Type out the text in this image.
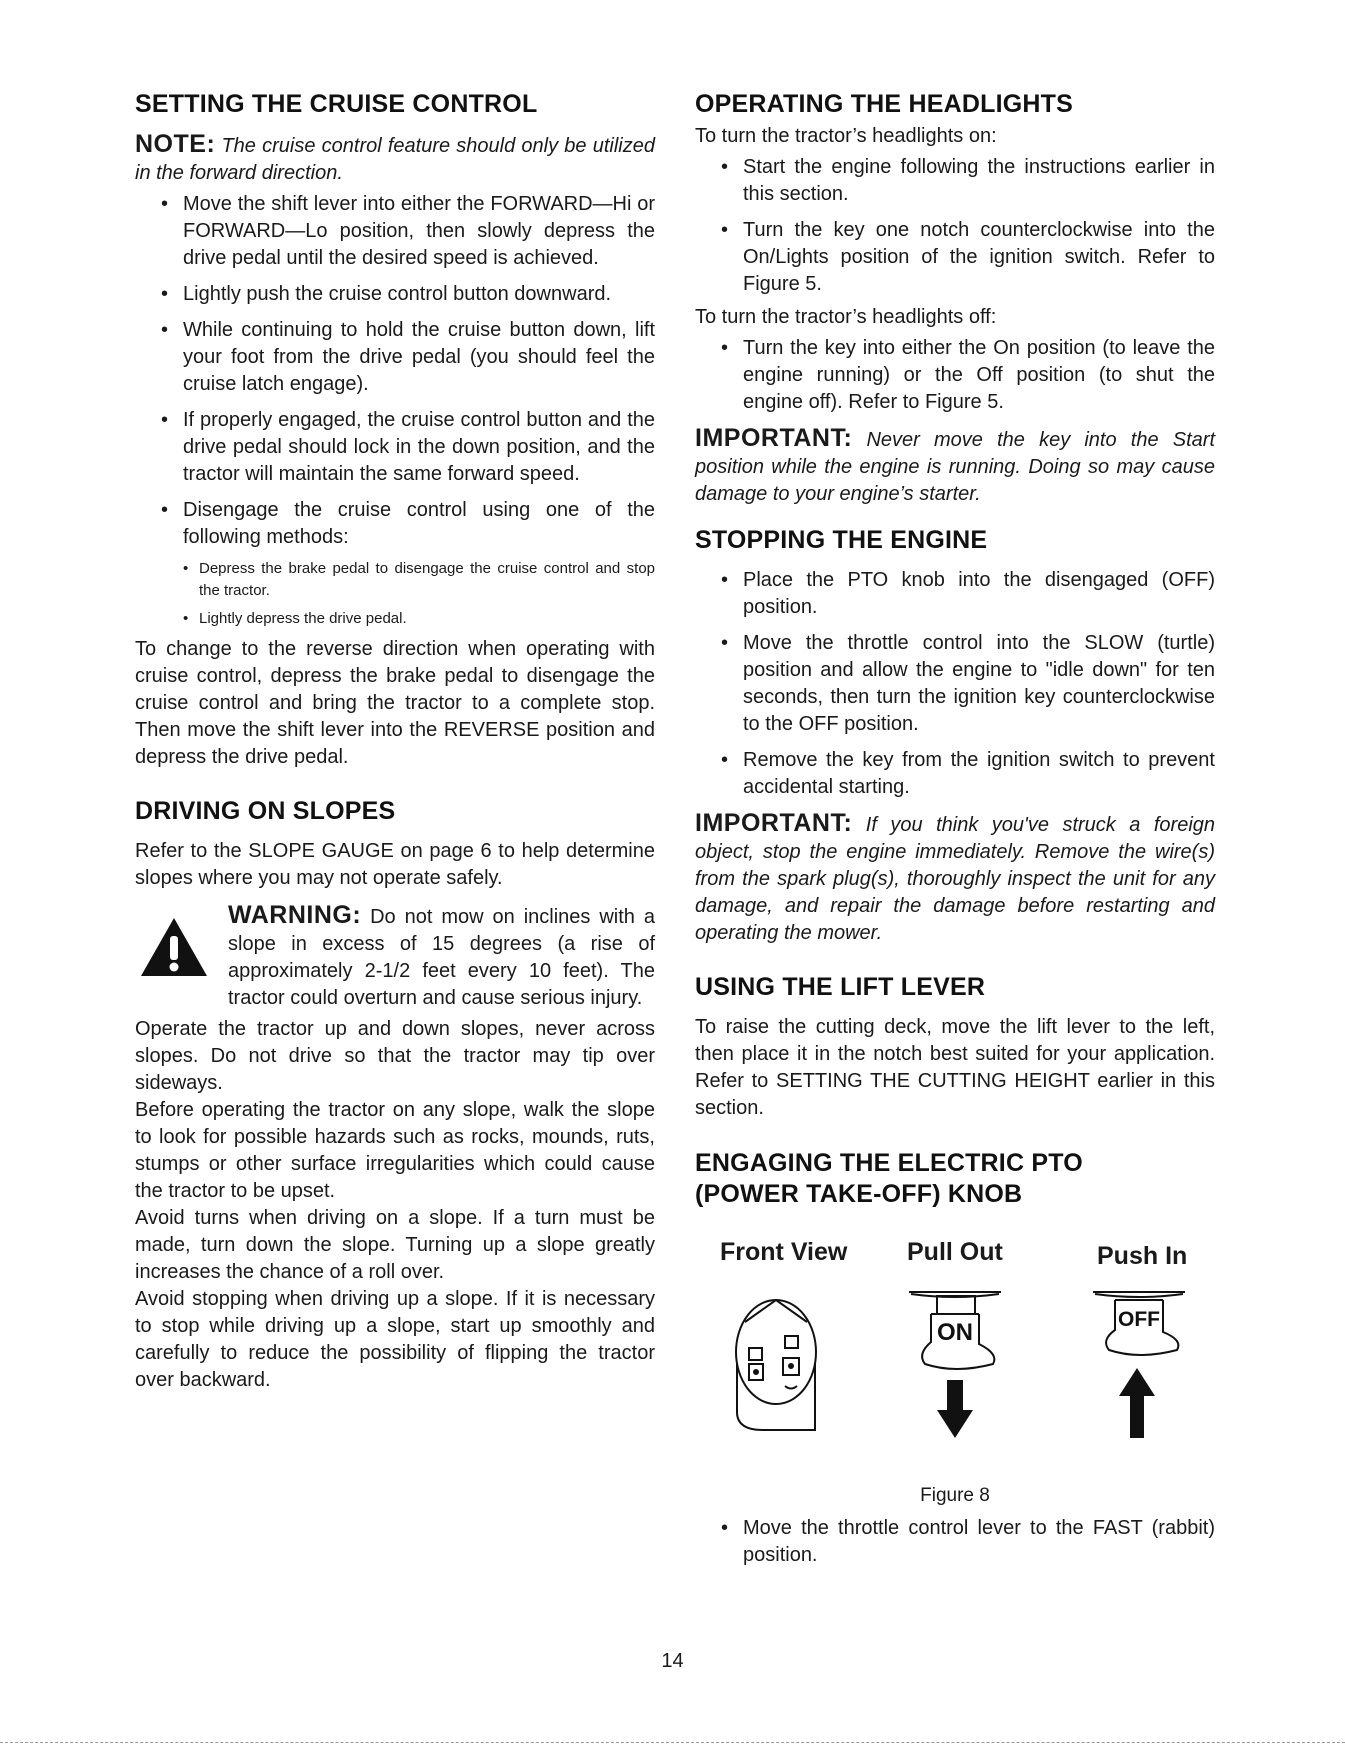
SETTING THE CRUISE CONTROL

NOTE: The cruise control feature should only be utilized in the forward direction.

• Move the shift lever into either the FORWARD—Hi or FORWARD—Lo position, then slowly depress the drive pedal until the desired speed is achieved.
• Lightly push the cruise control button downward.
• While continuing to hold the cruise button down, lift your foot from the drive pedal (you should feel the cruise latch engage).
• If properly engaged, the cruise control button and the drive pedal should lock in the down position, and the tractor will maintain the same forward speed.
• Disengage the cruise control using one of the following methods:
• Depress the brake pedal to disengage the cruise control and stop the tractor.
• Lightly depress the drive pedal.

To change to the reverse direction when operating with cruise control, depress the brake pedal to disengage the cruise control and bring the tractor to a complete stop. Then move the shift lever into the REVERSE position and depress the drive pedal.

DRIVING ON SLOPES

Refer to the SLOPE GAUGE on page 6 to help determine slopes where you may not operate safely.

WARNING: Do not mow on inclines with a slope in excess of 15 degrees (a rise of approximately 2-1/2 feet every 10 feet). The tractor could overturn and cause serious injury.

Operate the tractor up and down slopes, never across slopes. Do not drive so that the tractor may tip over sideways.

Before operating the tractor on any slope, walk the slope to look for possible hazards such as rocks, mounds, ruts, stumps or other surface irregularities which could cause the tractor to be upset.

Avoid turns when driving on a slope. If a turn must be made, turn down the slope. Turning up a slope greatly increases the chance of a roll over.

Avoid stopping when driving up a slope. If it is necessary to stop while driving up a slope, start up smoothly and carefully to reduce the possibility of flipping the tractor over backward.

OPERATING THE HEADLIGHTS

To turn the tractor’s headlights on:

• Start the engine following the instructions earlier in this section.
• Turn the key one notch counterclockwise into the On/Lights position of the ignition switch. Refer to Figure 5.

To turn the tractor’s headlights off:

• Turn the key into either the On position (to leave the engine running) or the Off position (to shut the engine off). Refer to Figure 5.

IMPORTANT: Never move the key into the Start position while the engine is running. Doing so may cause damage to your engine’s starter.

STOPPING THE ENGINE
• Place the PTO knob into the disengaged (OFF) position.
• Move the throttle control into the SLOW (turtle) position and allow the engine to "idle down" for ten seconds, then turn the ignition key counterclockwise to the OFF position.
• Remove the key from the ignition switch to prevent accidental starting.

IMPORTANT: If you think you've struck a foreign object, stop the engine immediately. Remove the wire(s) from the spark plug(s), thoroughly inspect the unit for any damage, and repair the damage before restarting and operating the mower.

USING THE LIFT LEVER

To raise the cutting deck, move the lift lever to the left, then place it in the notch best suited for your application. Refer to SETTING THE CUTTING HEIGHT earlier in this section.

ENGAGING THE ELECTRIC PTO
(POWER TAKE-OFF) KNOB
Front View Pull Out	Push In
ON	OFF

Figure 8

• Move the throttle control lever to the FAST (rabbit) position.
14
